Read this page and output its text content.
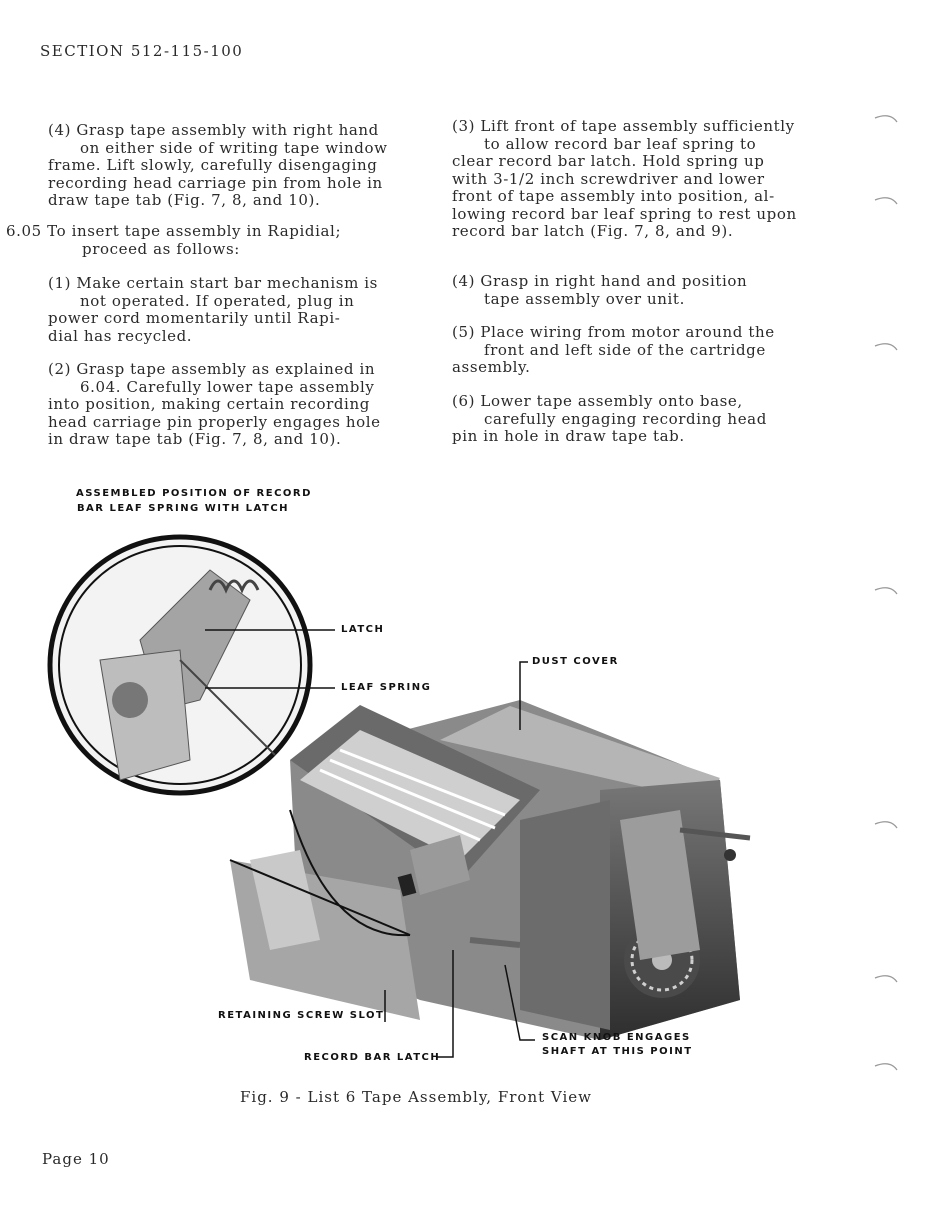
SECTION 512-115-100
(4) Grasp tape assembly with right hand
on either side of writing tape window
frame. Lift slowly, carefully disengaging
recording head carriage pin from hole in
draw tape tab (Fig. 7, 8, and 10).
6.05 To insert tape assembly in Rapidial;
proceed as follows:
(1) Make certain start bar mechanism is
not operated. If operated, plug in
power cord momentarily until Rapi-
dial has recycled.
(2) Grasp tape assembly as explained in
6.04. Carefully lower tape assembly
into position, making certain recording
head carriage pin properly engages hole
in draw tape tab (Fig. 7, 8, and 10).
(3) Lift front of tape assembly sufficiently
to allow record bar leaf spring to
clear record bar latch. Hold spring up
with 3-1/2 inch screwdriver and lower
front of tape assembly into position, al-
lowing record bar leaf spring to rest upon
record bar latch (Fig. 7, 8, and 9).
(4) Grasp in right hand and position
tape assembly over unit.
(5) Place wiring from motor around the
front and left side of the cartridge
assembly.
(6) Lower tape assembly onto base,
carefully engaging recording head
pin in hole in draw tape tab.
ASSEMBLED POSITION OF RECORD
BAR LEAF SPRING WITH LATCH
LATCH
LEAF SPRING
DUST COVER
RETAINING SCREW SLOT
RECORD BAR LATCH
SCAN KNOB ENGAGES
SHAFT AT THIS POINT
Fig. 9 - List 6 Tape Assembly, Front View
Page 10
